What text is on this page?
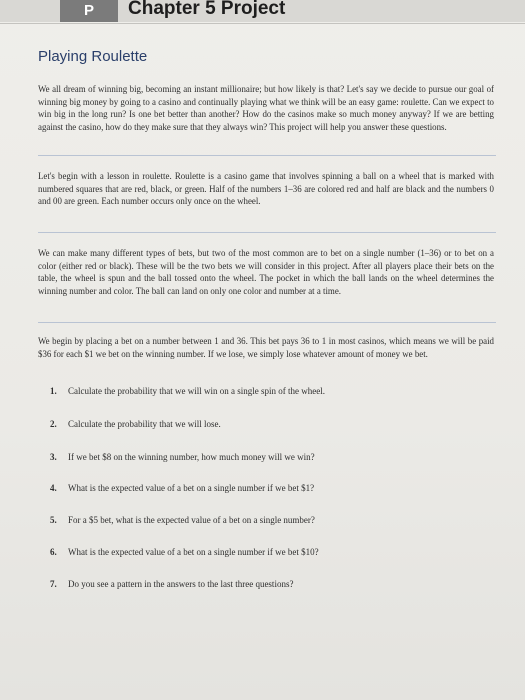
P	Chapter 5 Project
Playing Roulette
We all dream of winning big, becoming an instant millionaire; but how likely is that? Let's say we decide to pursue our goal of winning big money by going to a casino and continually playing what we think will be an easy game: roulette. Can we expect to win big in the long run? Is one bet better than another? How do the casinos make so much money anyway? If we are betting against the casino, how do they make sure that they always win? This project will help you answer these questions.
Let's begin with a lesson in roulette. Roulette is a casino game that involves spinning a ball on a wheel that is marked with numbered squares that are red, black, or green. Half of the numbers 1–36 are colored red and half are black and the numbers 0 and 00 are green. Each number occurs only once on the wheel.
We can make many different types of bets, but two of the most common are to bet on a single number (1–36) or to bet on a color (either red or black). These will be the two bets we will consider in this project. After all players place their bets on the table, the wheel is spun and the ball tossed onto the wheel. The pocket in which the ball lands on the wheel determines the winning number and color. The ball can land on only one color and number at a time.
We begin by placing a bet on a number between 1 and 36. This bet pays 36 to 1 in most casinos, which means we will be paid $36 for each $1 we bet on the winning number. If we lose, we simply lose whatever amount of money we bet.
1. Calculate the probability that we will win on a single spin of the wheel.
2. Calculate the probability that we will lose.
3. If we bet $8 on the winning number, how much money will we win?
4. What is the expected value of a bet on a single number if we bet $1?
5. For a $5 bet, what is the expected value of a bet on a single number?
6. What is the expected value of a bet on a single number if we bet $10?
7. Do you see a pattern in the answers to the last three questions?
